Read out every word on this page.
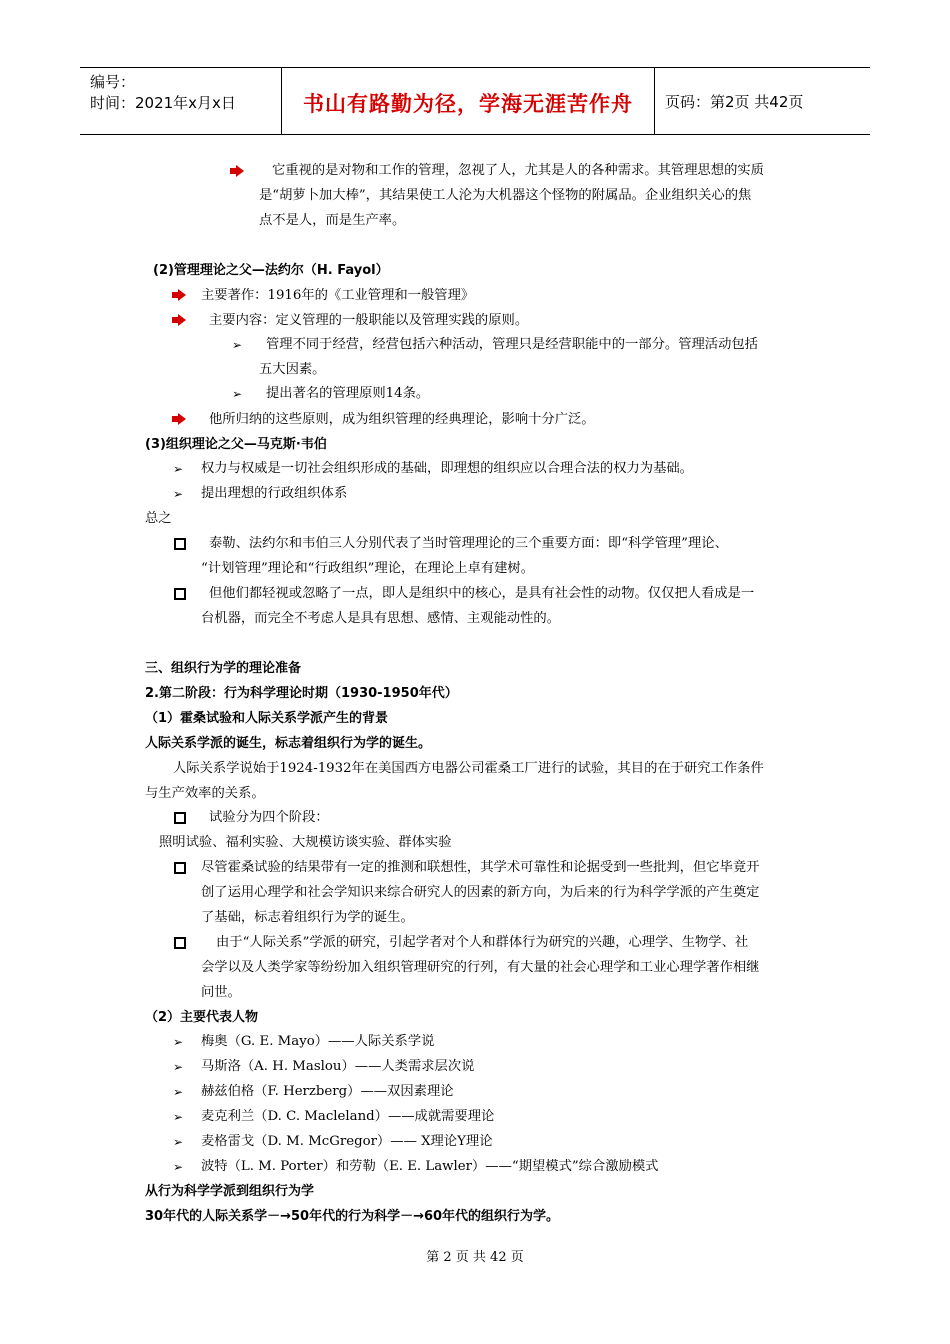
编号：
时间：2021年x月x日	书山有路勤为径，学海无涯苦作舟	页码：第2页 共42页
➢
➢
➢
➢
➢
➢
➢
➢
➢
➢
它重视的是对物和工作的管理，忽视了人，尤其是人的各种需求。其管理思想的实质
是“胡萝卜加大棒”，其结果使工人沦为大机器这个怪物的附属品。企业组织关心的焦
点不是人，而是生产率。
(2)管理理论之父—法约尔（H. Fayol）
主要著作：1916年的《工业管理和一般管理》
主要内容：定义管理的一般职能以及管理实践的原则。
管理不同于经营，经营包括六种活动，管理只是经营职能中的一部分。管理活动包括
五大因素。
提出著名的管理原则14条。
他所归纳的这些原则，成为组织管理的经典理论，影响十分广泛。
(3)组织理论之父—马克斯·韦伯
权力与权威是一切社会组织形成的基础，即理想的组织应以合理合法的权力为基础。
提出理想的行政组织体系
总之
泰勒、法约尔和韦伯三人分别代表了当时管理理论的三个重要方面：即“科学管理”理论、
“计划管理”理论和“行政组织”理论，在理论上卓有建树。
但他们都轻视或忽略了一点，即人是组织中的核心，是具有社会性的动物。仅仅把人看成是一
台机器，而完全不考虑人是具有思想、感情、主观能动性的。
三、组织行为学的理论准备
2.第二阶段：行为科学理论时期（1930-1950年代）
（1）霍桑试验和人际关系学派产生的背景
人际关系学派的诞生，标志着组织行为学的诞生。
人际关系学说始于1924-1932年在美国西方电器公司霍桑工厂进行的试验，其目的在于研究工作条件
与生产效率的关系。
试验分为四个阶段：
照明试验、福利实验、大规模访谈实验、群体实验
尽管霍桑试验的结果带有一定的推测和联想性，其学术可靠性和论据受到一些批判，但它毕竟开
创了运用心理学和社会学知识来综合研究人的因素的新方向，为后来的行为科学学派的产生奠定
了基础，标志着组织行为学的诞生。
由于“人际关系”学派的研究，引起学者对个人和群体行为研究的兴趣，心理学、生物学、社
会学以及人类学家等纷纷加入组织管理研究的行列，有大量的社会心理学和工业心理学著作相继
问世。
（2）主要代表人物
梅奥（G. E. Mayo）——人际关系学说
马斯洛（A. H. Maslou）——人类需求层次说
赫兹伯格（F. Herzberg）——双因素理论
麦克利兰（D. C. Macleland）——成就需要理论
麦格雷戈（D. M. McGregor）—— X理论Y理论
波特（L. M. Porter）和劳勒（E. E. Lawler）——“期望模式”综合激励模式
从行为科学学派到组织行为学
30年代的人际关系学－→50年代的行为科学－→60年代的组织行为学。
第 2 页 共 42 页
